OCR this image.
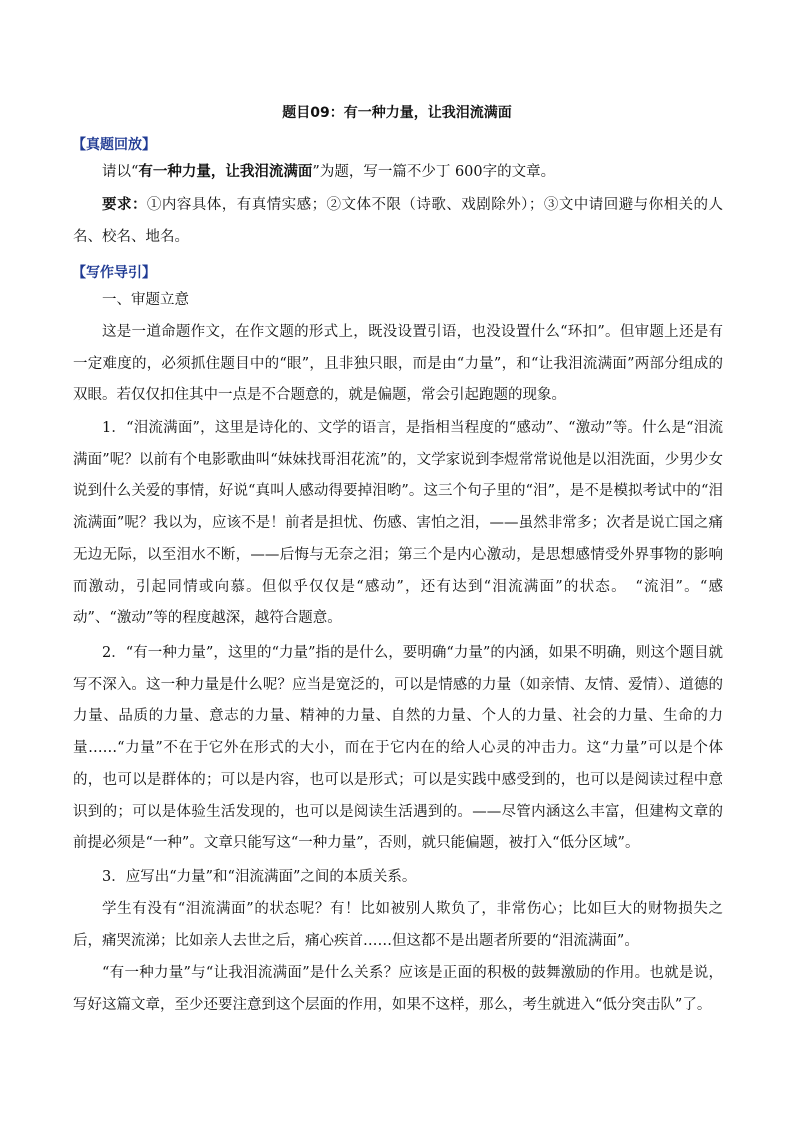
题目09：有一种力量，让我泪流满面
【真题回放】
请以“有一种力量，让我泪流满面”为题，写一篇不少丁 600字的文章。
要求：①内容具体，有真情实感；②文体不限（诗歌、戏剧除外）；③文中请回避与你相关的人名、校名、地名。
【写作导引】
一、审题立意
这是一道命题作文，在作文题的形式上，既没设置引语，也没设置什么“环扣”。但审题上还是有一定难度的，必须抓住题目中的“眼”，且非独只眼，而是由“力量”，和“让我泪流满面”两部分组成的双眼。若仅仅扣住其中一点是不合题意的，就是偏题，常会引起跑题的现象。
1．“泪流满面”，这里是诗化的、文学的语言，是指相当程度的“感动”、“激动”等。什么是“泪流满面”呢？以前有个电影歌曲叫“妹妹找哥泪花流”的，文学家说到李煜常常说他是以泪洗面，少男少女说到什么关爱的事情，好说“真叫人感动得要掉泪哟”。这三个句子里的“泪”，是不是模拟考试中的“泪流满面”呢？我以为，应该不是！前者是担忧、伤感、害怕之泪，——虽然非常多；次者是说亡国之痛无边无际，以至泪水不断，——后悔与无奈之泪；第三个是内心激动，是思想感情受外界事物的影响而激动，引起同情或向慕。但似乎仅仅是“感动”，还有达到“泪流满面”的状态。　“流泪”。“感动”、“激动”等的程度越深，越符合题意。
2．“有一种力量”，这里的“力量”指的是什么，要明确“力量”的内涵，如果不明确，则这个题目就写不深入。这一种力量是什么呢？应当是宽泛的，可以是情感的力量（如亲情、友情、爱情）、道德的力量、品质的力量、意志的力量、精神的力量、自然的力量、个人的力量、社会的力量、生命的力量……“力量”不在于它外在形式的大小，而在于它内在的给人心灵的冲击力。这“力量”可以是个体的，也可以是群体的；可以是内容，也可以是形式；可以是实践中感受到的，也可以是阅读过程中意识到的；可以是体验生活发现的，也可以是阅读生活遇到的。——尽管内涵这么丰富，但建构文章的前提必须是“一种”。文章只能写这“一种力量”，否则，就只能偏题，被打入“低分区域”。
3．应写出“力量”和“泪流满面”之间的本质关系。
学生有没有“泪流满面”的状态呢？有！比如被别人欺负了，非常伤心；比如巨大的财物损失之后，痛哭流涕；比如亲人去世之后，痛心疾首……但这都不是出题者所要的“泪流满面”。
“有一种力量”与“让我泪流满面”是什么关系？应该是正面的积极的鼓舞激励的作用。也就是说，写好这篇文章，至少还要注意到这个层面的作用，如果不这样，那么，考生就进入“低分突击队”了。
